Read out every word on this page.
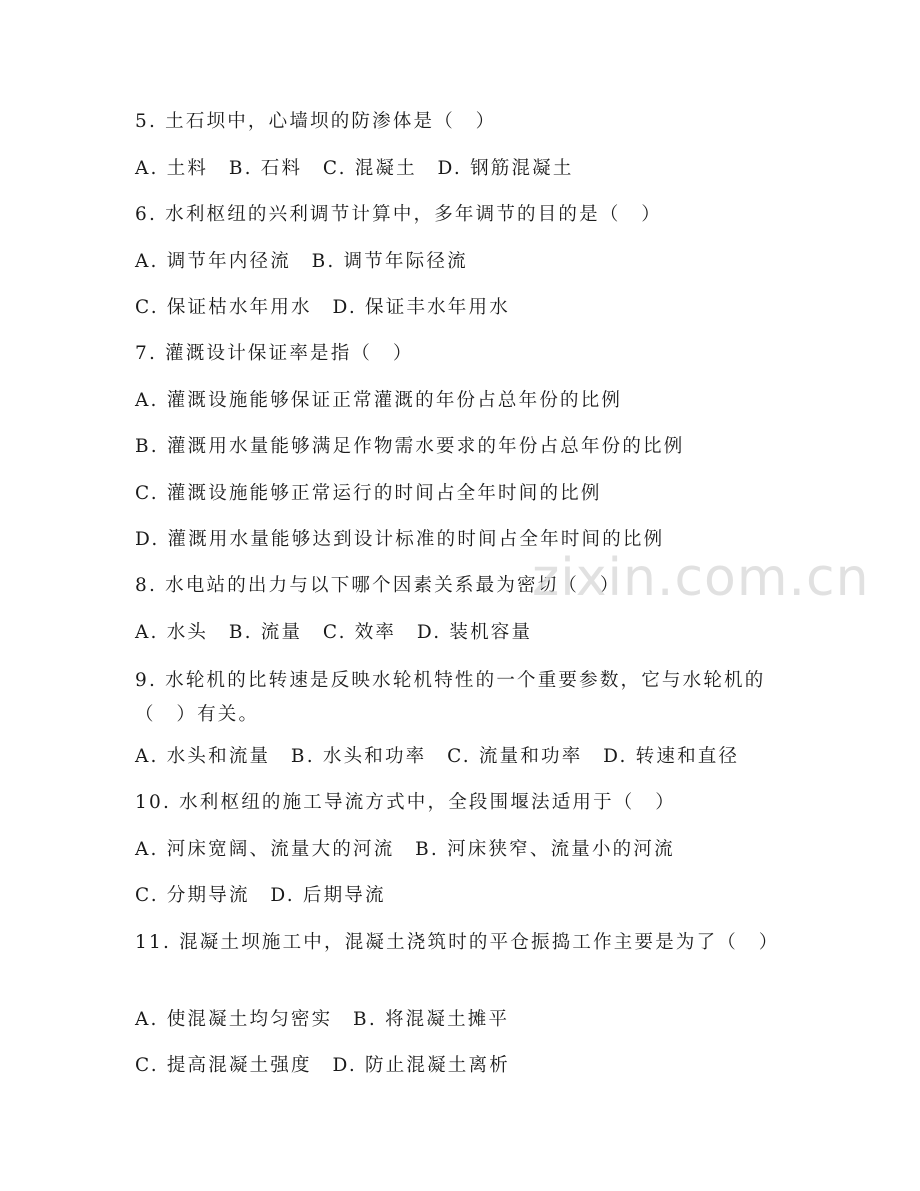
5. 土石坝中，心墙坝的防渗体是（　）
A. 土料　B. 石料　C. 混凝土　D. 钢筋混凝土
6. 水利枢纽的兴利调节计算中，多年调节的目的是（　）
A. 调节年内径流　B. 调节年际径流
C. 保证枯水年用水　D. 保证丰水年用水
7. 灌溉设计保证率是指（　）
A. 灌溉设施能够保证正常灌溉的年份占总年份的比例
B. 灌溉用水量能够满足作物需水要求的年份占总年份的比例
C. 灌溉设施能够正常运行的时间占全年时间的比例
D. 灌溉用水量能够达到设计标准的时间占全年时间的比例
8. 水电站的出力与以下哪个因素关系最为密切（　）
A. 水头　B. 流量　C. 效率　D. 装机容量
9. 水轮机的比转速是反映水轮机特性的一个重要参数，它与水轮机的（　）有关。
A. 水头和流量　B. 水头和功率　C. 流量和功率　D. 转速和直径
10. 水利枢纽的施工导流方式中，全段围堰法适用于（　）
A. 河床宽阔、流量大的河流　B. 河床狭窄、流量小的河流
C. 分期导流　D. 后期导流
11. 混凝土坝施工中，混凝土浇筑时的平仓振捣工作主要是为了（　）
A. 使混凝土均匀密实　B. 将混凝土摊平
C. 提高混凝土强度　D. 防止混凝土离析
zixin.com.cn
